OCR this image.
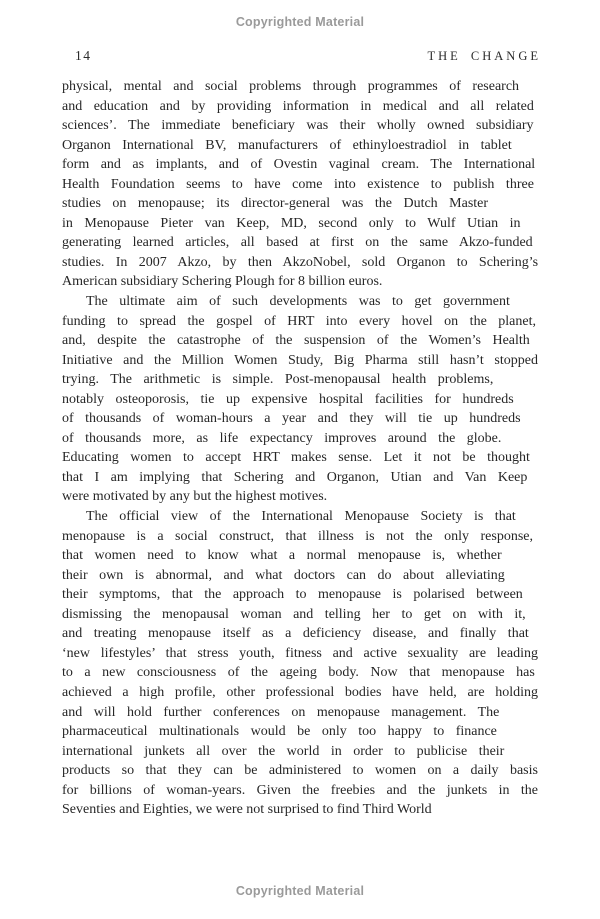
Copyrighted Material
14	THE CHANGE
physical, mental and social problems through programmes of research
and education and by providing information in medical and all related
sciences’. The immediate beneficiary was their wholly owned subsidiary
Organon International BV, manufacturers of ethinyloestradiol in tablet
form and as implants, and of Ovestin vaginal cream. The International
Health Foundation seems to have come into existence to publish three
studies on menopause; its director-general was the Dutch Master
in Menopause Pieter van Keep, MD, second only to Wulf Utian in
generating learned articles, all based at first on the same Akzo-funded
studies. In 2007 Akzo, by then AkzoNobel, sold Organon to Schering’s
American subsidiary Schering Plough for 8 billion euros.
The ultimate aim of such developments was to get government
funding to spread the gospel of HRT into every hovel on the planet,
and, despite the catastrophe of the suspension of the Women’s Health
Initiative and the Million Women Study, Big Pharma still hasn’t stopped
trying. The arithmetic is simple. Post-menopausal health problems,
notably osteoporosis, tie up expensive hospital facilities for hundreds
of thousands of woman-hours a year and they will tie up hundreds
of thousands more, as life expectancy improves around the globe.
Educating women to accept HRT makes sense. Let it not be thought
that I am implying that Schering and Organon, Utian and Van Keep
were motivated by any but the highest motives.
The official view of the International Menopause Society is that
menopause is a social construct, that illness is not the only response,
that women need to know what a normal menopause is, whether
their own is abnormal, and what doctors can do about alleviating
their symptoms, that the approach to menopause is polarised between
dismissing the menopausal woman and telling her to get on with it,
and treating menopause itself as a deficiency disease, and finally that
‘new lifestyles’ that stress youth, fitness and active sexuality are leading
to a new consciousness of the ageing body. Now that menopause has
achieved a high profile, other professional bodies have held, are holding
and will hold further conferences on menopause management. The
pharmaceutical multinationals would be only too happy to finance
international junkets all over the world in order to publicise their
products so that they can be administered to women on a daily basis
for billions of woman-years. Given the freebies and the junkets in the
Seventies and Eighties, we were not surprised to find Third World
Copyrighted Material
